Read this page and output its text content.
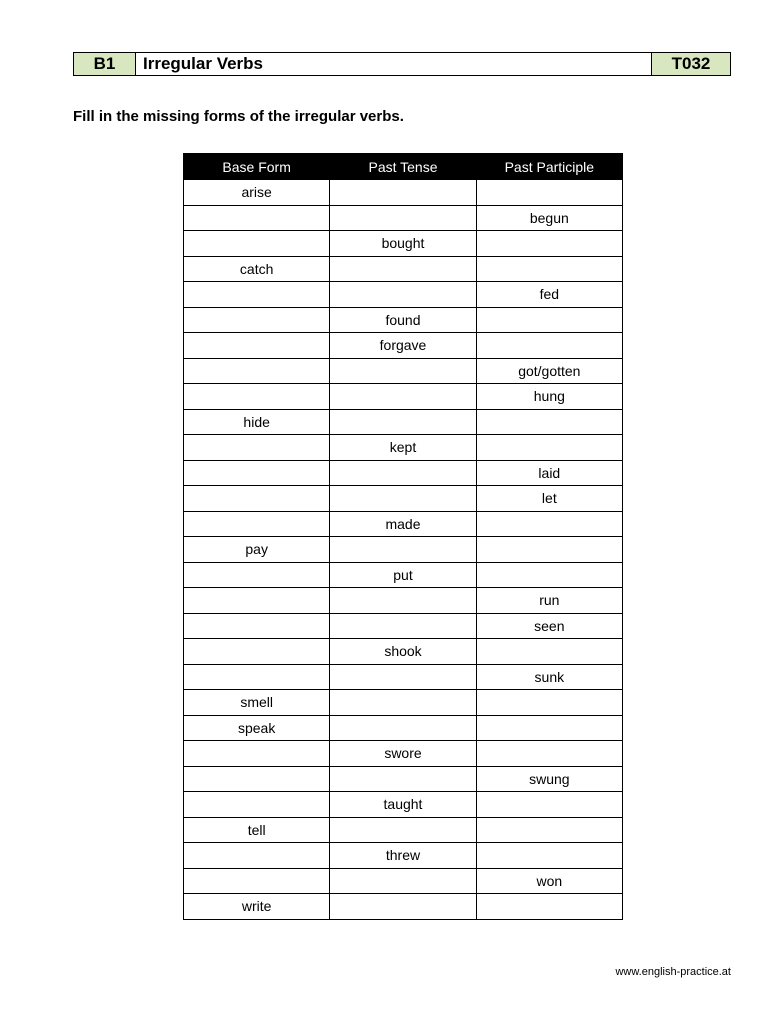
B1	Irregular Verbs	T032

Fill in the missing forms of the irregular verbs.

Base Form	Past Tense	Past Participle
arise		
		begun
	bought	
catch		
		fed
	found	
	forgave	
		got/gotten
		hung
hide		
	kept	
		laid
		let
	made	
pay		
	put	
		run
		seen
	shook	
		sunk
smell		
speak		
	swore	
		swung
	taught	
tell		
	threw	
		won
write		
www.english-practice.at
